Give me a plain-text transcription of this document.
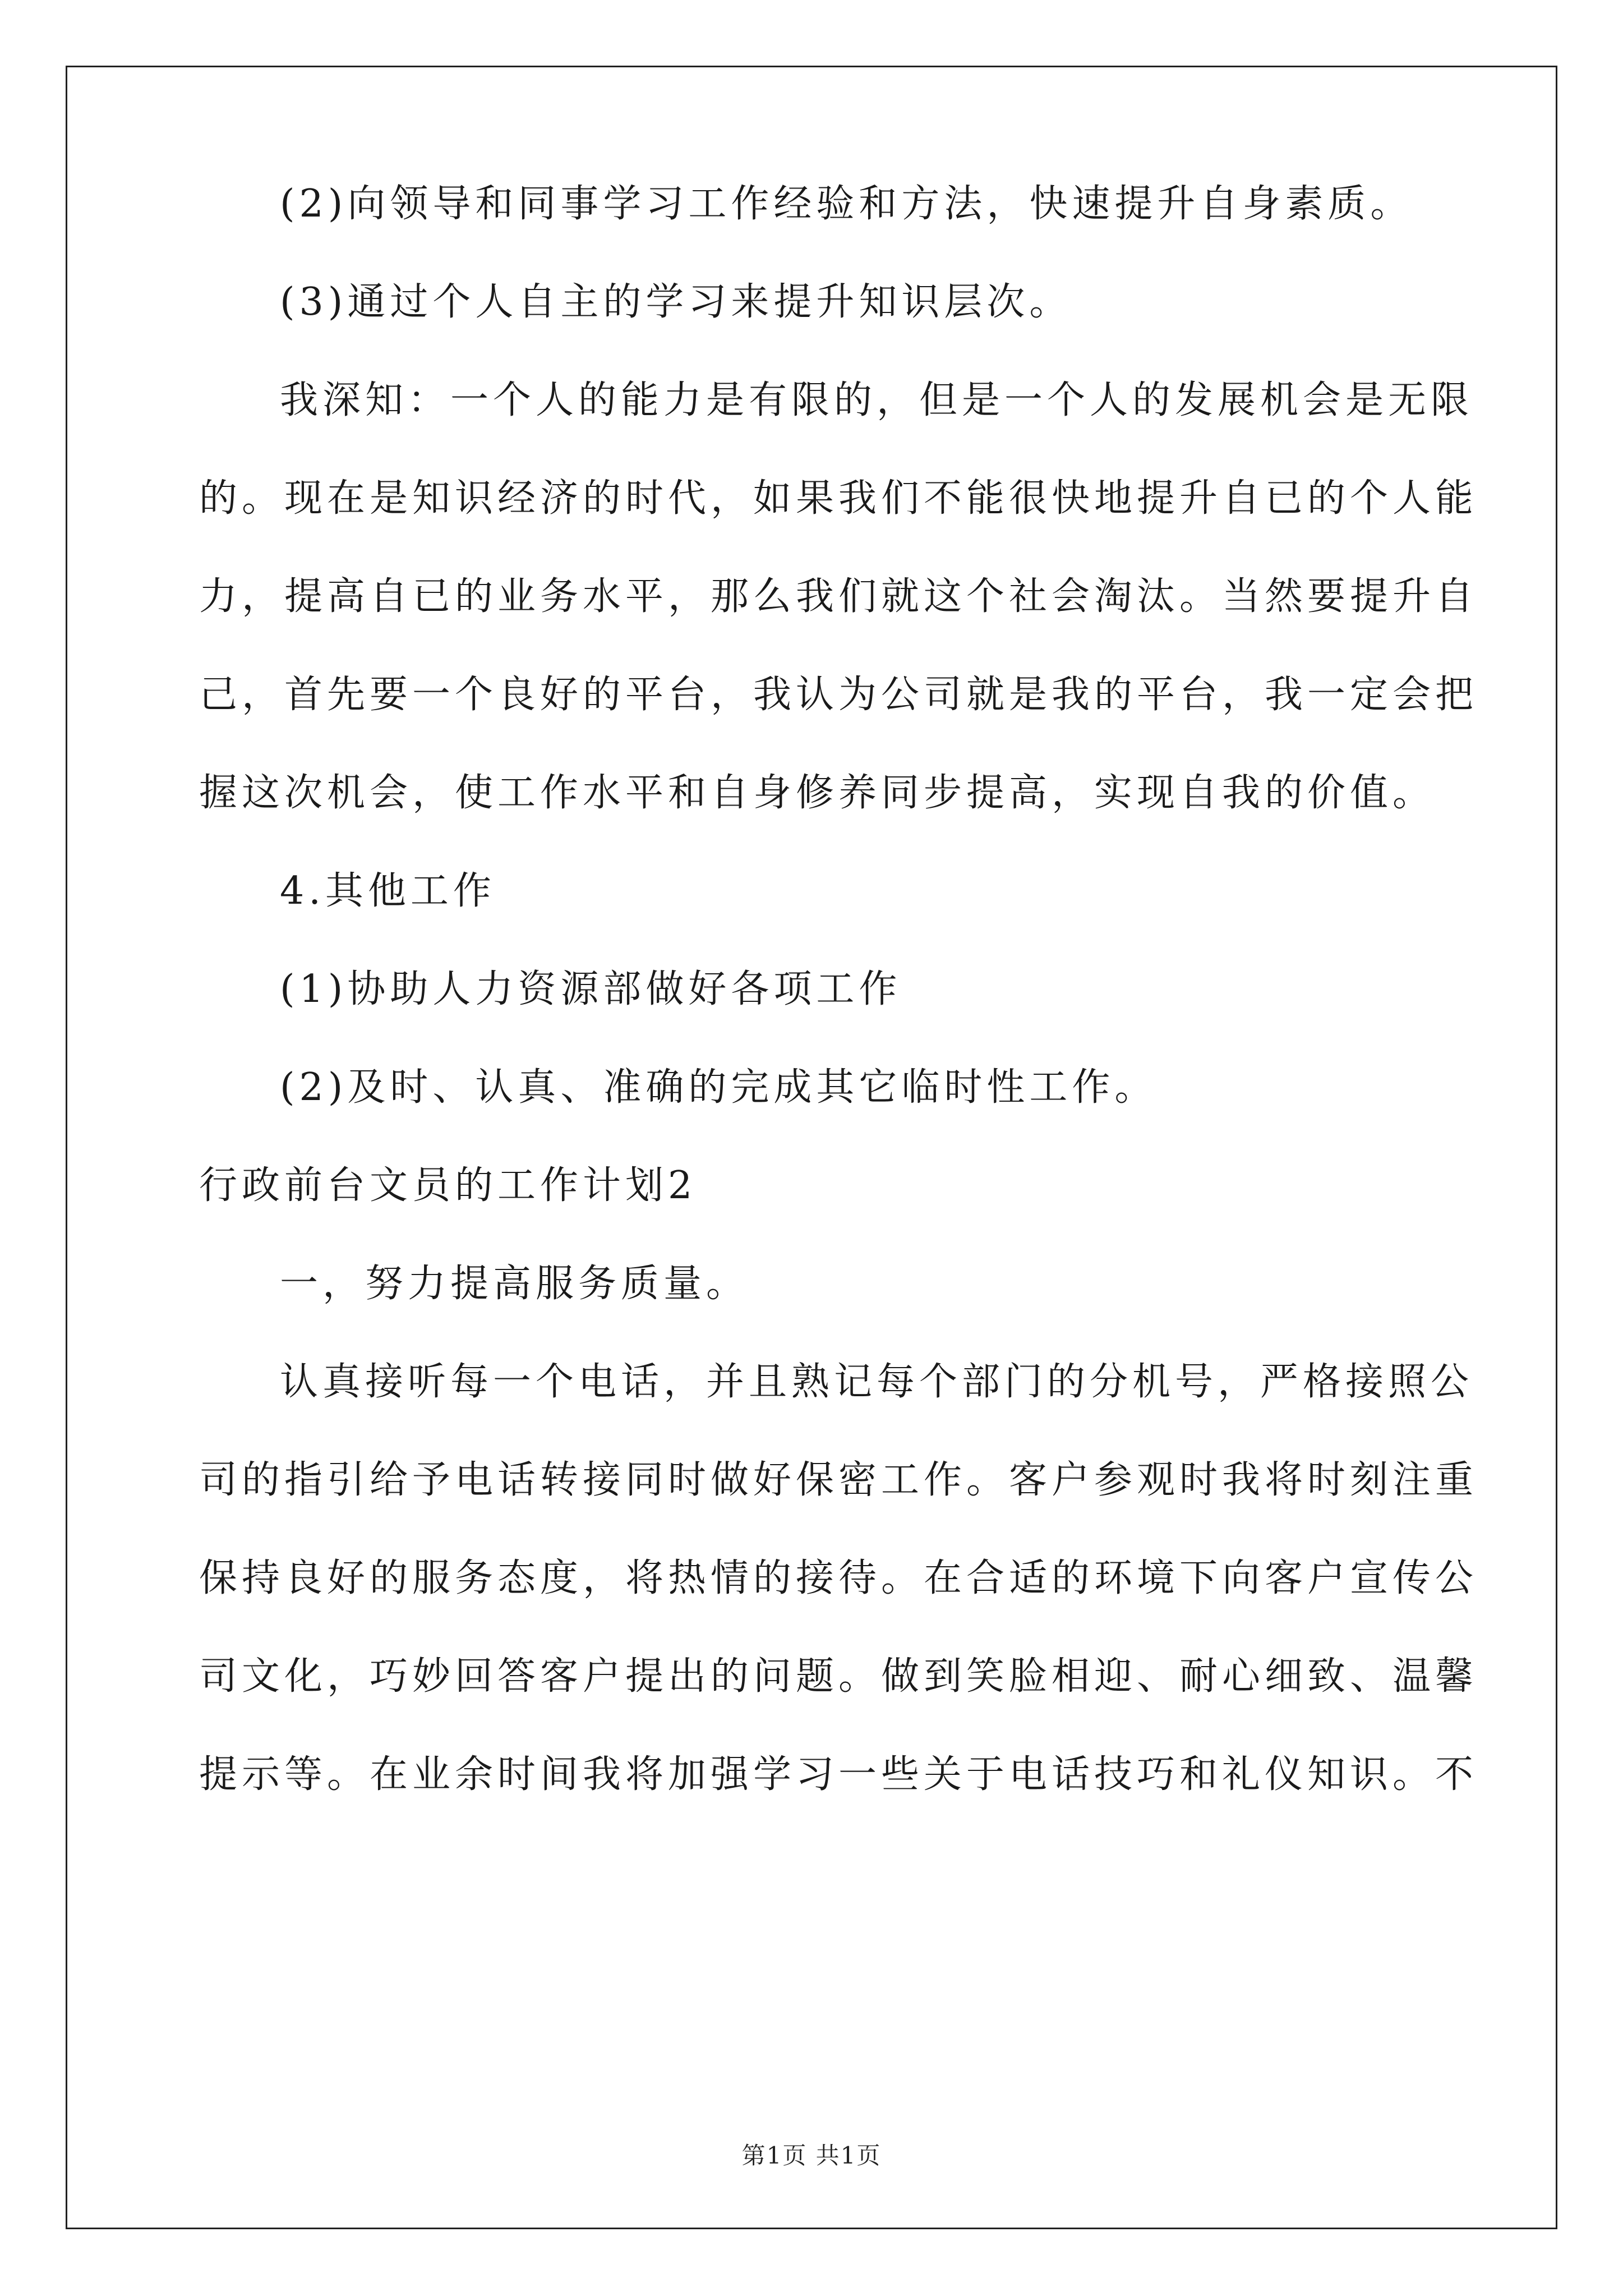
(2)向领导和同事学习工作经验和方法，快速提升自身素质。
(3)通过个人自主的学习来提升知识层次。
我深知：一个人的能力是有限的，但是一个人的发展机会是无限
的。现在是知识经济的时代，如果我们不能很快地提升自已的个人能
力，提高自已的业务水平，那么我们就这个社会淘汰。当然要提升自
己，首先要一个良好的平台，我认为公司就是我的平台，我一定会把
握这次机会，使工作水平和自身修养同步提高，实现自我的价值。
4.其他工作
(1)协助人力资源部做好各项工作
(2)及时、认真、准确的完成其它临时性工作。
行政前台文员的工作计划2
一，努力提高服务质量。
认真接听每一个电话，并且熟记每个部门的分机号，严格接照公
司的指引给予电话转接同时做好保密工作。客户参观时我将时刻注重
保持良好的服务态度，将热情的接待。在合适的环境下向客户宣传公
司文化，巧妙回答客户提出的问题。做到笑脸相迎、耐心细致、温馨
提示等。在业余时间我将加强学习一些关于电话技巧和礼仪知识。不
第1页 共1页
